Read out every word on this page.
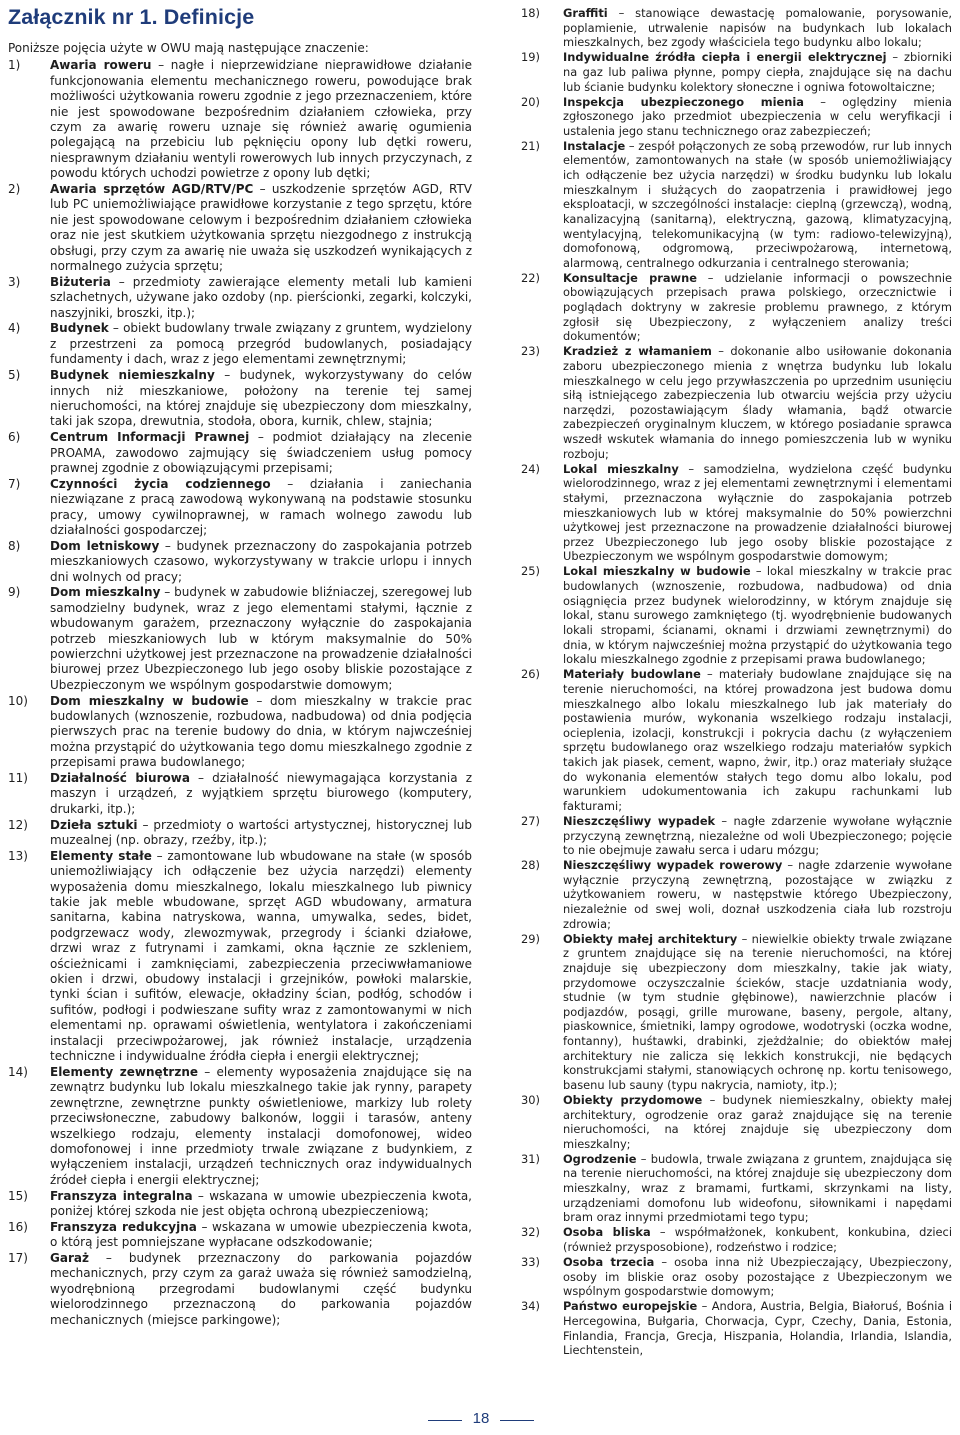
Załącznik nr 1. Definicje

Poniższe pojęcia użyte w OWU mają następujące znaczenie:

1)	Awaria roweru – nagłe i nieprzewidziane nieprawidłowe działanie funkcjonowania elementu mechanicznego roweru, powodujące brak możliwości użytkowania roweru zgodnie z jego przeznaczeniem, które nie jest spowodowane bezpośrednim działaniem człowieka, przy czym za awarię roweru uznaje się również awarię ogumienia polegającą na przebiciu lub pęknięciu opony lub dętki roweru, niesprawnym działaniu wentyli rowerowych lub innych przyczynach, z powodu których uchodzi powietrze z opony lub dętki;
2)	Awaria sprzętów AGD/RTV/PC – uszkodzenie sprzętów AGD, RTV lub PC uniemożliwiające prawidłowe korzystanie z tego sprzętu, które nie jest spowodowane celowym i bezpośrednim działaniem człowieka oraz nie jest skutkiem użytkowania sprzętu niezgodnego z instrukcją obsługi, przy czym za awarię nie uważa się uszkodzeń wynikających z normalnego zużycia sprzętu;
3)	Biżuteria – przedmioty zawierające elementy metali lub kamieni szlachetnych, używane jako ozdoby (np. pierścionki, zegarki, kolczyki, naszyjniki, broszki, itp.);
4)	Budynek – obiekt budowlany trwale związany z gruntem, wydzielony z przestrzeni za pomocą przegród budowlanych, posiadający fundamenty i dach, wraz z jego elementami zewnętrznymi;
5)	Budynek niemieszkalny – budynek, wykorzystywany do celów innych niż mieszkaniowe, położony na terenie tej samej nieruchomości, na której znajduje się ubezpieczony dom mieszkalny, taki jak szopa, drewutnia, stodoła, obora, kurnik, chlew, stajnia;
6)	Centrum Informacji Prawnej – podmiot działający na zlecenie PROAMA, zawodowo zajmujący się świadczeniem usług pomocy prawnej zgodnie z obowiązującymi przepisami;
7)	Czynności życia codziennego – działania i zaniechania niezwiązane z pracą zawodową wykonywaną na podstawie stosunku pracy, umowy cywilnoprawnej, w ramach wolnego zawodu lub działalności gospodarczej;
8)	Dom letniskowy – budynek przeznaczony do zaspokajania potrzeb mieszkaniowych czasowo, wykorzystywany w trakcie urlopu i innych dni wolnych od pracy;
9)	Dom mieszkalny – budynek w zabudowie bliźniaczej, szeregowej lub samodzielny budynek, wraz z jego elementami stałymi, łącznie z wbudowanym garażem, przeznaczony wyłącznie do zaspokajania potrzeb mieszkaniowych lub w którym maksymalnie do 50% powierzchni użytkowej jest przeznaczone na prowadzenie działalności biurowej przez Ubezpieczonego lub jego osoby bliskie pozostające z Ubezpieczonym we wspólnym gospodarstwie domowym;
10)	Dom mieszkalny w budowie – dom mieszkalny w trakcie prac budowlanych (wznoszenie, rozbudowa, nadbudowa) od dnia podjęcia pierwszych prac na terenie budowy do dnia, w którym najwcześniej można przystąpić do użytkowania tego domu mieszkalnego zgodnie z przepisami prawa budowlanego;
11)	Działalność biurowa – działalność niewymagająca korzystania z maszyn i urządzeń, z wyjątkiem sprzętu biurowego (komputery, drukarki, itp.);
12)	Dzieła sztuki – przedmioty o wartości artystycznej, historycznej lub muzealnej (np. obrazy, rzeźby, itp.);
13)	Elementy stałe – zamontowane lub wbudowane na stałe (w sposób uniemożliwiający ich odłączenie bez użycia narzędzi) elementy wyposażenia domu mieszkalnego, lokalu mieszkalnego lub piwnicy takie jak meble wbudowane, sprzęt AGD wbudowany, armatura sanitarna, kabina natryskowa, wanna, umywalka, sedes, bidet, podgrzewacz wody, zlewozmywak, przegrody i ścianki działowe, drzwi wraz z futrynami i zamkami, okna łącznie ze szkleniem, ościeżnicami i zamknięciami, zabezpieczenia przeciwwłamaniowe okien i drzwi, obudowy instalacji i grzejników, powłoki malarskie, tynki ścian i sufitów, elewacje, okładziny ścian, podłóg, schodów i sufitów, podłogi i podwieszane sufity wraz z zamontowanymi w nich elementami np. oprawami oświetlenia, wentylatora i zakończeniami instalacji przeciwpożarowej, jak również instalacje, urządzenia techniczne i indywidualne źródła ciepła i energii elektrycznej;
14)	Elementy zewnętrzne – elementy wyposażenia znajdujące się na zewnątrz budynku lub lokalu mieszkalnego takie jak rynny, parapety zewnętrzne, zewnętrzne punkty oświetleniowe, markizy lub rolety przeciwsłoneczne, zabudowy balkonów, loggii i tarasów, anteny wszelkiego rodzaju, elementy instalacji domofonowej, wideo domofonowej i inne przedmioty trwale związane z budynkiem, z wyłączeniem instalacji, urządzeń technicznych oraz indywidualnych źródeł ciepła i energii elektrycznej;
15)	Franszyza integralna – wskazana w umowie ubezpieczenia kwota, poniżej której szkoda nie jest objęta ochroną ubezpieczeniową;
16)	Franszyza redukcyjna – wskazana w umowie ubezpieczenia kwota, o którą jest pomniejszane wypłacane odszkodowanie;
17)	Garaż – budynek przeznaczony do parkowania pojazdów mechanicznych, przy czym za garaż uważa się również samodzielną, wyodrębnioną przegrodami budowlanymi część budynku wielorodzinnego przeznaczoną do parkowania pojazdów mechanicznych (miejsce parkingowe);
18)	Graffiti – stanowiące dewastację pomalowanie, porysowanie, poplamienie, utrwalenie napisów na budynkach lub lokalach mieszkalnych, bez zgody właściciela tego budynku albo lokalu;
19)	Indywidualne źródła ciepła i energii elektrycznej – zbiorniki na gaz lub paliwa płynne, pompy ciepła, znajdujące się na dachu lub ścianie budynku kolektory słoneczne i ogniwa fotowoltaiczne;
20)	Inspekcja ubezpieczonego mienia – oględziny mienia zgłoszonego jako przedmiot ubezpieczenia w celu weryfikacji i ustalenia jego stanu technicznego oraz zabezpieczeń;
21)	Instalacje – zespół połączonych ze sobą przewodów, rur lub innych elementów, zamontowanych na stałe (w sposób uniemożliwiający ich odłączenie bez użycia narzędzi) w środku budynku lub lokalu mieszkalnym i służących do zaopatrzenia i prawidłowej jego eksploatacji, w szczególności instalacje: cieplną (grzewczą), wodną, kanalizacyjną (sanitarną), elektryczną, gazową, klimatyzacyjną, wentylacyjną, telekomunikacyjną (w tym: radiowo-telewizyjną), domofonową, odgromową, przeciwpożarową, internetową, alarmową, centralnego odkurzania i centralnego sterowania;
22)	Konsultacje prawne – udzielanie informacji o powszechnie obowiązujących przepisach prawa polskiego, orzecznictwie i poglądach doktryny w zakresie problemu prawnego, z którym zgłosił się Ubezpieczony, z wyłączeniem analizy treści dokumentów;
23)	Kradzież z włamaniem – dokonanie albo usiłowanie dokonania zaboru ubezpieczonego mienia z wnętrza budynku lub lokalu mieszkalnego w celu jego przywłaszczenia po uprzednim usunięciu siłą istniejącego zabezpieczenia lub otwarciu wejścia przy użyciu narzędzi, pozostawiającym ślady włamania, bądź otwarcie zabezpieczeń oryginalnym kluczem, w którego posiadanie sprawca wszedł wskutek włamania do innego pomieszczenia lub w wyniku rozboju;
24)	Lokal mieszkalny – samodzielna, wydzielona część budynku wielorodzinnego, wraz z jej elementami zewnętrznymi i elementami stałymi, przeznaczona wyłącznie do zaspokajania potrzeb mieszkaniowych lub w której maksymalnie do 50% powierzchni użytkowej jest przeznaczone na prowadzenie działalności biurowej przez Ubezpieczonego lub jego osoby bliskie pozostające z Ubezpieczonym we wspólnym gospodarstwie domowym;
25)	Lokal mieszkalny w budowie – lokal mieszkalny w trakcie prac budowlanych (wznoszenie, rozbudowa, nadbudowa) od dnia osiągnięcia przez budynek wielorodzinny, w którym znajduje się lokal, stanu surowego zamkniętego (tj. wyodrębnienie budowanych lokali stropami, ścianami, oknami i drzwiami zewnętrznymi) do dnia, w którym najwcześniej można przystąpić do użytkowania tego lokalu mieszkalnego zgodnie z przepisami prawa budowlanego;
26)	Materiały budowlane – materiały budowlane znajdujące się na terenie nieruchomości, na której prowadzona jest budowa domu mieszkalnego albo lokalu mieszkalnego lub jak materiały do postawienia murów, wykonania wszelkiego rodzaju instalacji, ocieplenia, izolacji, konstrukcji i pokrycia dachu (z wyłączeniem sprzętu budowlanego oraz wszelkiego rodzaju materiałów sypkich takich jak piasek, cement, wapno, żwir, itp.) oraz materiały służące do wykonania elementów stałych tego domu albo lokalu, pod warunkiem udokumentowania ich zakupu rachunkami lub fakturami;
27)	Nieszczęśliwy wypadek – nagłe zdarzenie wywołane wyłącznie przyczyną zewnętrzną, niezależne od woli Ubezpieczonego; pojęcie to nie obejmuje zawału serca i udaru mózgu;
28)	Nieszczęśliwy wypadek rowerowy – nagłe zdarzenie wywołane wyłącznie przyczyną zewnętrzną, pozostające w związku z użytkowaniem roweru, w następstwie którego Ubezpieczony, niezależnie od swej woli, doznał uszkodzenia ciała lub rozstroju zdrowia;
29)	Obiekty małej architektury – niewielkie obiekty trwale związane z gruntem znajdujące się na terenie nieruchomości, na której znajduje się ubezpieczony dom mieszkalny, takie jak wiaty, przydomowe oczyszczalnie ścieków, stacje uzdatniania wody, studnie (w tym studnie głębinowe), nawierzchnie placów i podjazdów, posągi, grille murowane, baseny, pergole, altany, piaskownice, śmietniki, lampy ogrodowe, wodotryski (oczka wodne, fontanny), huśtawki, drabinki, zjeżdżalnie; do obiektów małej architektury nie zalicza się lekkich konstrukcji, nie będących konstrukcjami stałymi, stanowiących ochronę np. kortu tenisowego, basenu lub sauny (typu nakrycia, namioty, itp.);
30)	Obiekty przydomowe – budynek niemieszkalny, obiekty małej architektury, ogrodzenie oraz garaż znajdujące się na terenie nieruchomości, na której znajduje się ubezpieczony dom mieszkalny;
31)	Ogrodzenie – budowla, trwale związana z gruntem, znajdująca się na terenie nieruchomości, na której znajduje się ubezpieczony dom mieszkalny, wraz z bramami, furtkami, skrzynkami na listy, urządzeniami domofonu lub wideofonu, siłownikami i napędami bram oraz innymi przedmiotami tego typu;
32)	Osoba bliska – współmałżonek, konkubent, konkubina, dzieci (również przysposobione), rodzeństwo i rodzice;
33)	Osoba trzecia – osoba inna niż Ubezpieczający, Ubezpieczony, osoby im bliskie oraz osoby pozostające z Ubezpieczonym we wspólnym gospodarstwie domowym;
34)	Państwo europejskie – Andora, Austria, Belgia, Białoruś, Bośnia i Hercegowina, Bułgaria, Chorwacja, Cypr, Czechy, Dania, Estonia, Finlandia, Francja, Grecja, Hiszpania, Holandia, Irlandia, Islandia, Liechtenstein,
18
